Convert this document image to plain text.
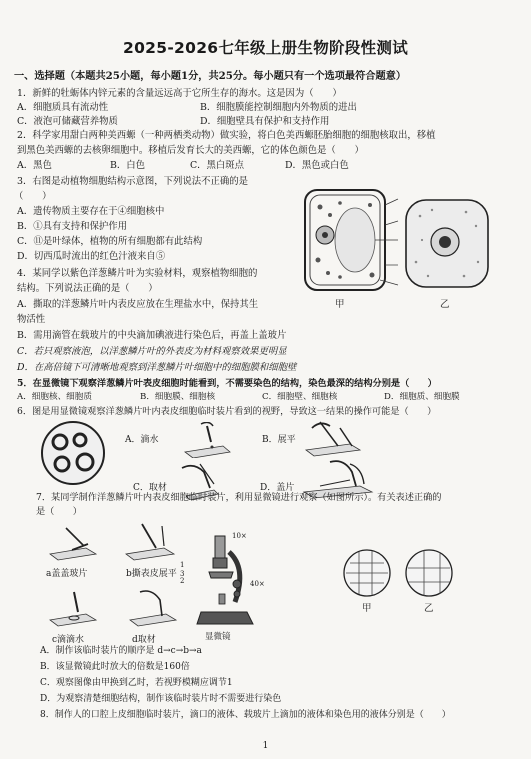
2025-2026七年级上册生物阶段性测试
一、选择题（本题共25小题，每小题1分，共25分。每小题只有一个选项最符合题意）
1．新鲜的牡蛎体内锌元素的含量远远高于它所生存的海水。这是因为（　　）
A．细胞质具有流动性	B．细胞膜能控制细胞内外物质的进出
C．液泡可储藏营养物质	D．细胞壁具有保护和支持作用
2．科学家用甜白两种美西螈（一种两栖类动物）做实验，将白色美西螈胚胎细胞的细胞核取出，移植
到黑色美西螈的去核卵细胞中。移植后发育长大的美西螈，它的体色颜色是（　　）
A．黑色	B．白色	C．黑白斑点	D．黑色或白色
3．右图是动植物细胞结构示意图，下列说法不正确的是
（　　）
A．遗传物质主要存在于④细胞核中
B．①具有支持和保护作用
C．⑪是叶绿体，植物的所有细胞都有此结构
D．切西瓜时流出的红色汁液来自⑤
甲	乙
4．某同学以紫色洋葱鳞片叶为实验材料，观察植物细胞的
结构。下列说法正确的是（　　）
A．撕取的洋葱鳞片叶内表皮应放在生理盐水中，保持其生
物活性
B．需用滴管在载玻片的中央滴加碘液进行染色后，再盖上盖玻片
C．若只观察液泡，以洋葱鳞片叶的外表皮为材料观察效果更明显
D．在高倍镜下可清晰地观察到洋葱鳞片叶细胞中的细胞膜和细胞壁
5．在显微镜下观察洋葱鳞片叶表皮细胞时能看到，不需要染色的结构，染色最深的结构分别是（　　）
A．细胞核、细胞质	B．细胞膜、细胞核	C．细胞壁、细胞核	D．细胞质、细胞膜
6．图是用显微镜观察洋葱鳞片叶内表皮细胞临时装片看到的视野，导致这一结果的操作可能是（　　）
A．滴水	B．展平
C．取材	D．盖片
7．某同学制作洋葱鳞片叶内表皮细胞临时装片，利用显微镜进行观察（如图所示）。有关表述正确的
是（　　）
a盖盖玻片	b撕表皮展平
c滴滴水	d取材
10×
40×
1
2
3
显微镜
甲	乙
A．制作该临时装片的顺序是 d→c→b→a
B．该显微镜此时放大的倍数是160倍
C．观察图像由甲换到乙时，若视野模糊应调节1
D．为观察清楚细胞结构，制作该临时装片时不需要进行染色
8．制作人的口腔上皮细胞临时装片，滴口的液体、载玻片上滴加的液体和染色用的液体分别是（　　）
1
